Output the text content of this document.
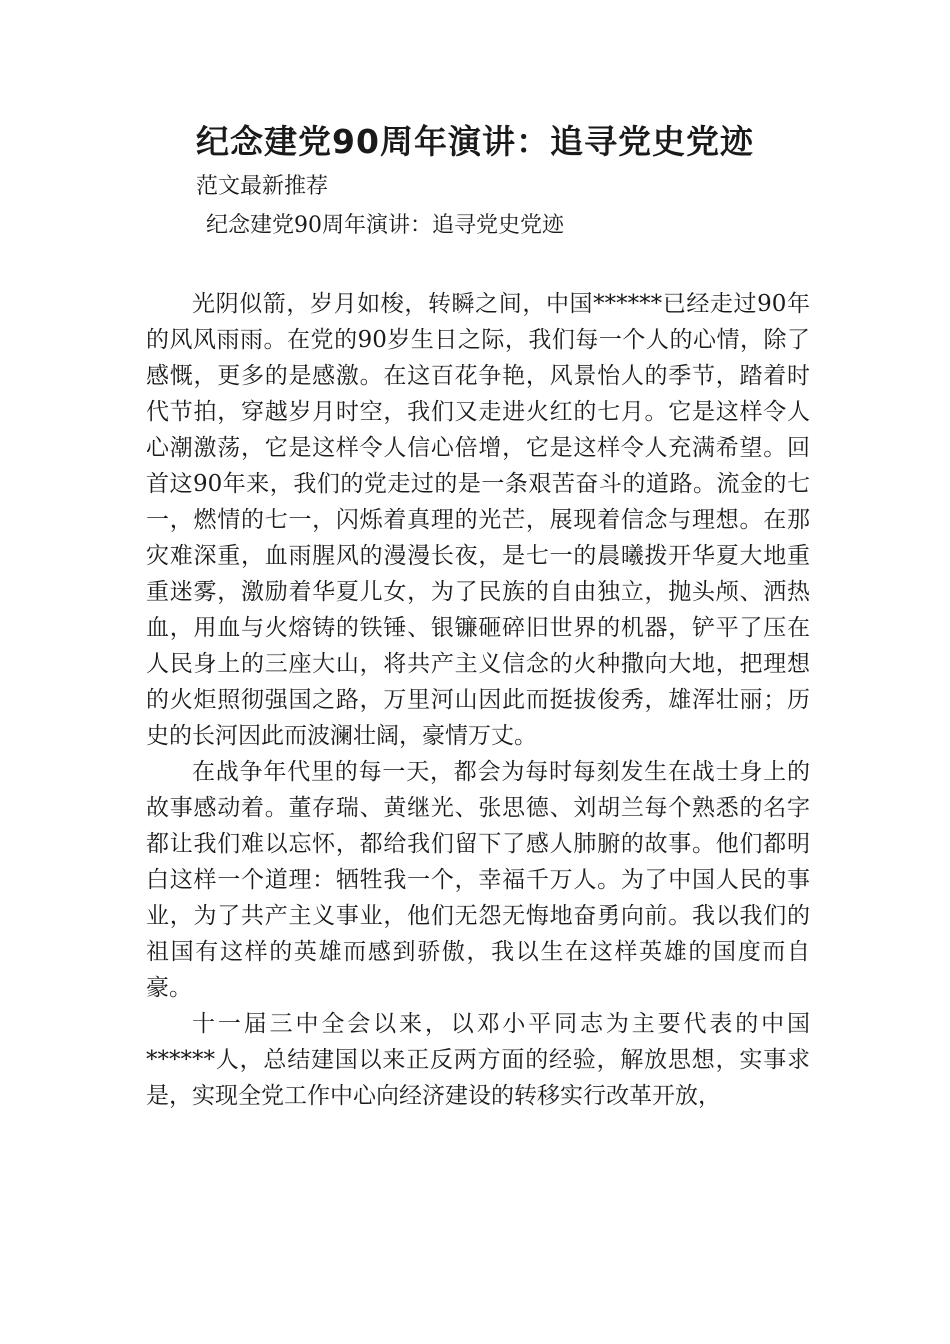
纪念建党90周年演讲：追寻党史党迹

范文最新推荐

纪念建党90周年演讲：追寻党史党迹

光阴似箭，岁月如梭，转瞬之间，中国******已经走过90年的风风雨雨。在党的90岁生日之际，我们每一个人的心情，除了感慨，更多的是感激。在这百花争艳，风景怡人的季节，踏着时代节拍，穿越岁月时空，我们又走进火红的七月。它是这样令人心潮激荡，它是这样令人信心倍增，它是这样令人充满希望。回首这90年来，我们的党走过的是一条艰苦奋斗的道路。流金的七一，燃情的七一，闪烁着真理的光芒，展现着信念与理想。在那灾难深重，血雨腥风的漫漫长夜，是七一的晨曦拨开华夏大地重重迷雾，激励着华夏儿女，为了民族的自由独立，抛头颅、洒热血，用血与火熔铸的铁锤、银镰砸碎旧世界的机器，铲平了压在人民身上的三座大山，将共产主义信念的火种撒向大地，把理想的火炬照彻强国之路，万里河山因此而挺拔俊秀，雄浑壮丽；历史的长河因此而波澜壮阔，豪情万丈。

在战争年代里的每一天，都会为每时每刻发生在战士身上的故事感动着。董存瑞、黄继光、张思德、刘胡兰每个熟悉的名字都让我们难以忘怀，都给我们留下了感人肺腑的故事。他们都明白这样一个道理：牺牲我一个，幸福千万人。为了中国人民的事业，为了共产主义事业，他们无怨无悔地奋勇向前。我以我们的祖国有这样的英雄而感到骄傲，我以生在这样英雄的国度而自豪。

十一届三中全会以来，以邓小平同志为主要代表的中国******人，总结建国以来正反两方面的经验，解放思想，实事求是，实现全党工作中心向经济建设的转移实行改革开放，
